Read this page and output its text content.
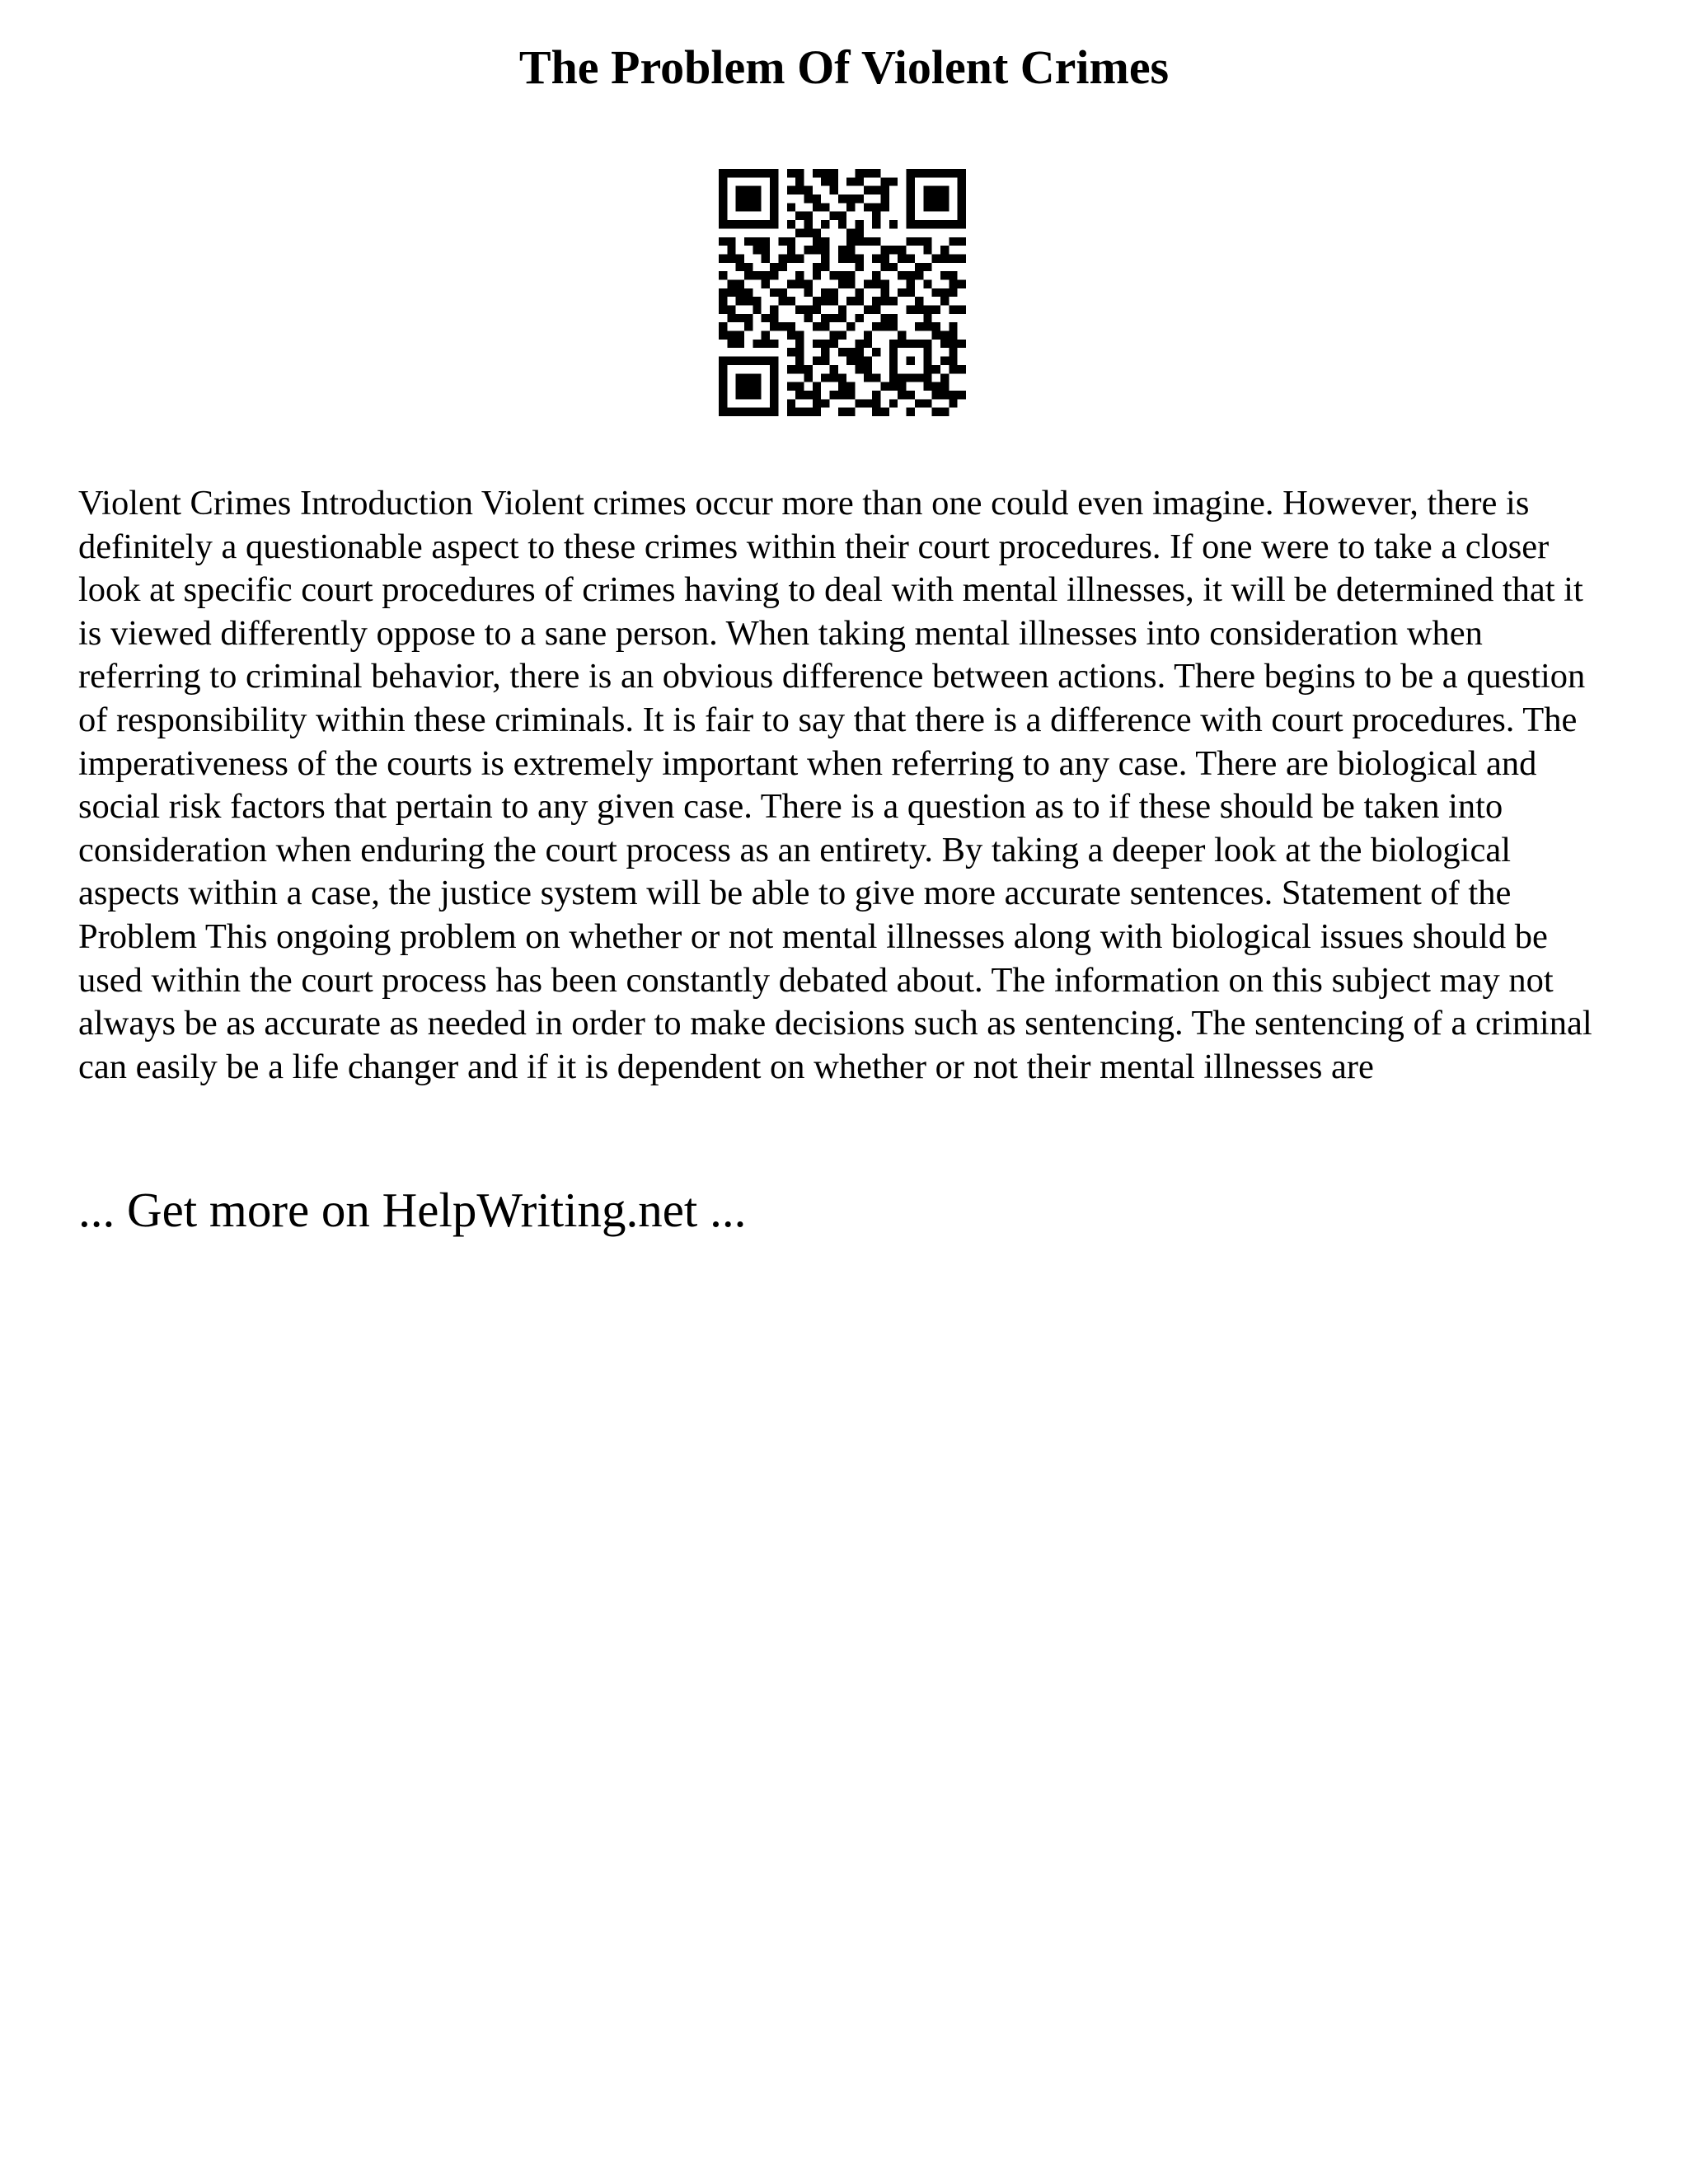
The Problem Of Violent Crimes

Violent Crimes Introduction Violent crimes occur more than one could even imagine. However, there is definitely a questionable aspect to these crimes within their court procedures. If one were to take a closer look at specific court procedures of crimes having to deal with mental illnesses, it will be determined that it is viewed differently oppose to a sane person. When taking mental illnesses into consideration when referring to criminal behavior, there is an obvious difference between actions. There begins to be a question of responsibility within these criminals. It is fair to say that there is a difference with court procedures. The imperativeness of the courts is extremely important when referring to any case. There are biological and social risk factors that pertain to any given case. There is a question as to if these should be taken into consideration when enduring the court process as an entirety. By taking a deeper look at the biological aspects within a case, the justice system will be able to give more accurate sentences. Statement of the Problem This ongoing problem on whether or not mental illnesses along with biological issues should be used within the court process has been constantly debated about. The information on this subject may not always be as accurate as needed in order to make decisions such as sentencing. The sentencing of a criminal can easily be a life changer and if it is dependent on whether or not their mental illnesses are

... Get more on HelpWriting.net ...
